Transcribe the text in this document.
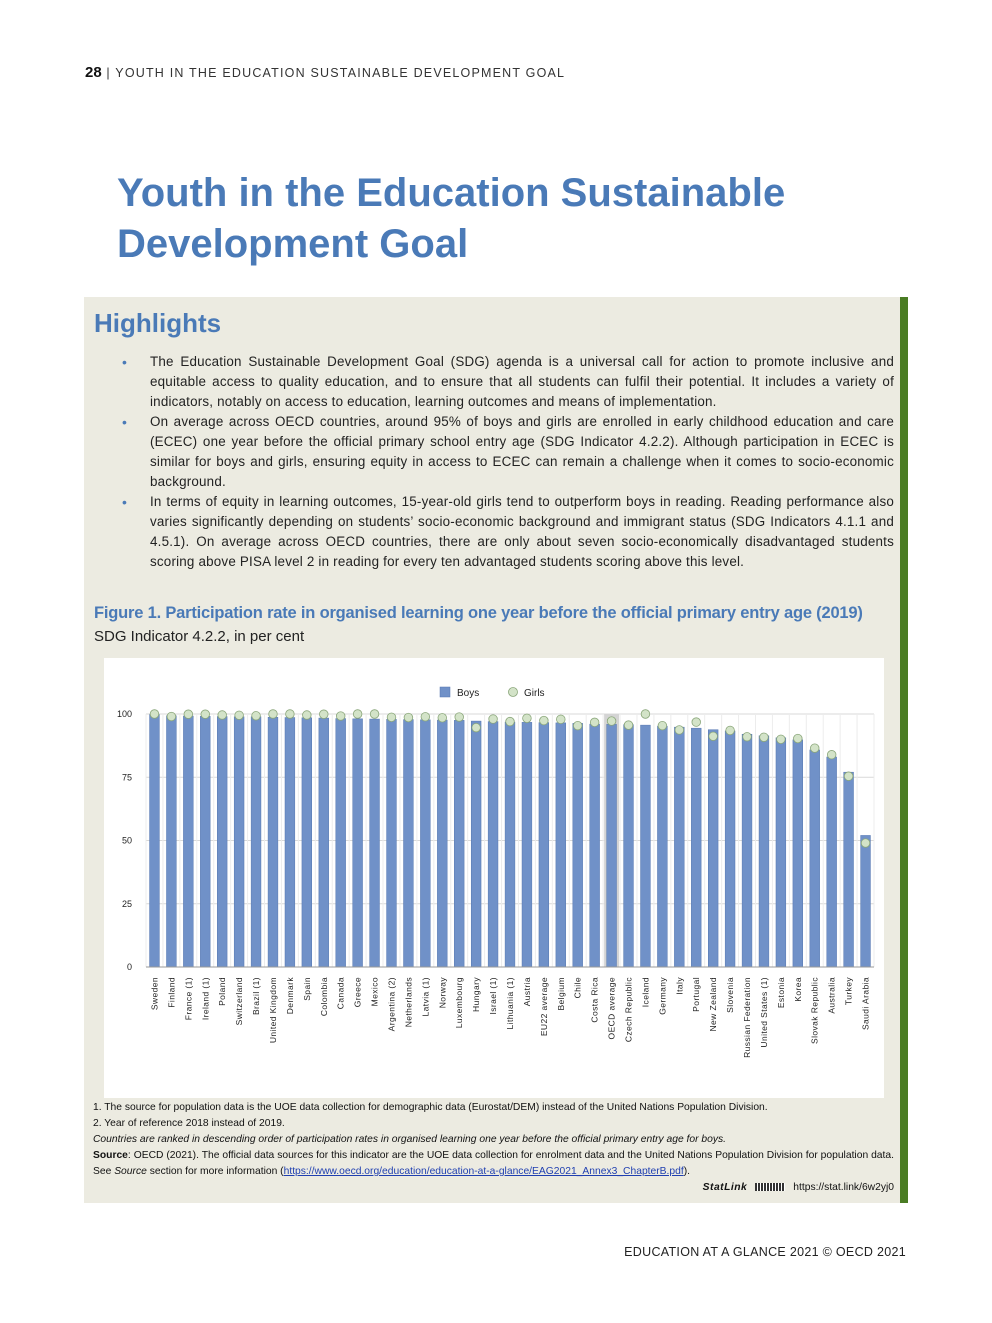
28 | YOUTH IN THE EDUCATION SUSTAINABLE DEVELOPMENT GOAL
Youth in the Education Sustainable Development Goal
Highlights
• The Education Sustainable Development Goal (SDG) agenda is a universal call for action to promote inclusive and equitable access to quality education, and to ensure that all students can fulfil their potential. It includes a variety of indicators, notably on access to education, learning outcomes and means of implementation.
• On average across OECD countries, around 95% of boys and girls are enrolled in early childhood education and care (ECEC) one year before the official primary school entry age (SDG Indicator 4.2.2). Although participation in ECEC is similar for boys and girls, ensuring equity in access to ECEC can remain a challenge when it comes to socio-economic background.
• In terms of equity in learning outcomes, 15-year-old girls tend to outperform boys in reading. Reading performance also varies significantly depending on students’ socio-economic background and immigrant status (SDG Indicators 4.1.1 and 4.5.1). On average across OECD countries, there are only about seven socio-economically disadvantaged students scoring above PISA level 2 in reading for every ten advantaged students scoring above this level.
Figure 1. Participation rate in organised learning one year before the official primary entry age (2019)
SDG Indicator 4.2.2, in per cent
0
25
50
75
100
Sweden Finland France (1) Ireland (1) Poland Switzerland Brazil (1) United Kingdom Denmark Spain Colombia Canada Greece Mexico Argentina (2) Netherlands Latvia (1) Norway Luxembourg Hungary Israel (1) Lithuania (1) Austria EU22 average Belgium Chile Costa Rica OECD average Czech Republic Iceland Germany Italy Portugal New Zealand Slovenia Russian Federation United States (1) Estonia Korea Slovak Republic Australia Turkey Saudi Arabia
Boys	Girls

1. The source for population data is the UOE data collection for demographic data (Eurostat/DEM) instead of the United Nations Population Division.

2. Year of reference 2018 instead of 2019.

Countries are ranked in descending order of participation rates in organised learning one year before the official primary entry age for boys.

Source: OECD (2021). The official data sources for this indicator are the UOE data collection for enrolment data and the United Nations Population Division for population data. See Source section for more information (https://www.oecd.org/education/education-at-a-glance/EAG2021_Annex3_ChapterB.pdf).

StatLink	https://stat.link/6w2yj0
EDUCATION AT A GLANCE 2021 © OECD 2021
